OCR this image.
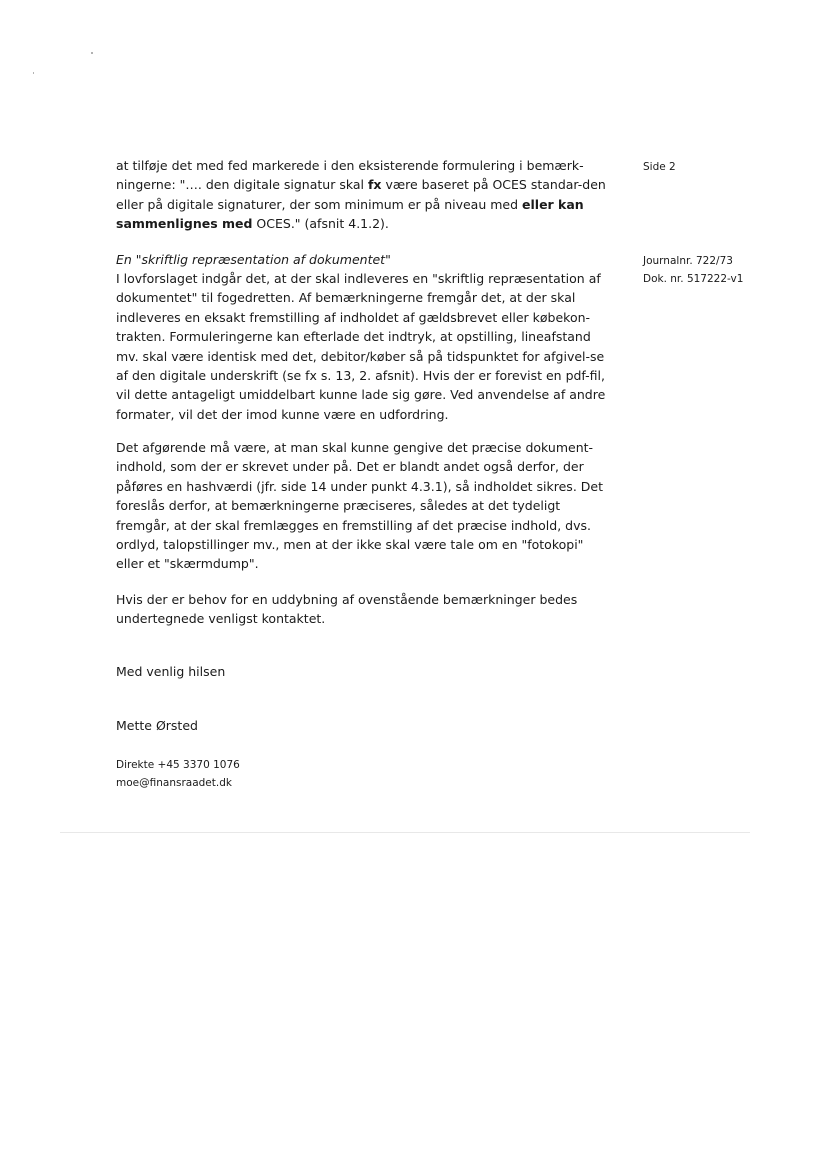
Side 2
Journalnr. 722/73
Dok. nr. 517222-v1

at tilføje det med fed markerede i den eksisterende formulering i bemærk-ningerne: "…. den digitale signatur skal fx være baseret på OCES standar-den eller på digitale signaturer, der som minimum er på niveau med eller kan sammenlignes med OCES." (afsnit 4.1.2).

En "skriftlig repræsentation af dokumentet"

I lovforslaget indgår det, at der skal indleveres en "skriftlig repræsentation af dokumentet" til fogedretten. Af bemærkningerne fremgår det, at der skal indleveres en eksakt fremstilling af indholdet af gældsbrevet eller købekon-trakten. Formuleringerne kan efterlade det indtryk, at opstilling, lineafstand mv. skal være identisk med det, debitor/køber så på tidspunktet for afgivel-se af den digitale underskrift (se fx s. 13, 2. afsnit). Hvis der er forevist en pdf-fil, vil dette antageligt umiddelbart kunne lade sig gøre. Ved anvendelse af andre formater, vil det der imod kunne være en udfordring.

Det afgørende må være, at man skal kunne gengive det præcise dokument-indhold, som der er skrevet under på. Det er blandt andet også derfor, der påføres en hashværdi (jfr. side 14 under punkt 4.3.1), så indholdet sikres. Det foreslås derfor, at bemærkningerne præciseres, således at det tydeligt fremgår, at der skal fremlægges en fremstilling af det præcise indhold, dvs. ordlyd, talopstillinger mv., men at der ikke skal være tale om en "fotokopi" eller et "skærmdump".

Hvis der er behov for en uddybning af ovenstående bemærkninger bedes undertegnede venligst kontaktet.

Med venlig hilsen

Mette Ørsted

Direkte +45 3370 1076
moe@finansraadet.dk
